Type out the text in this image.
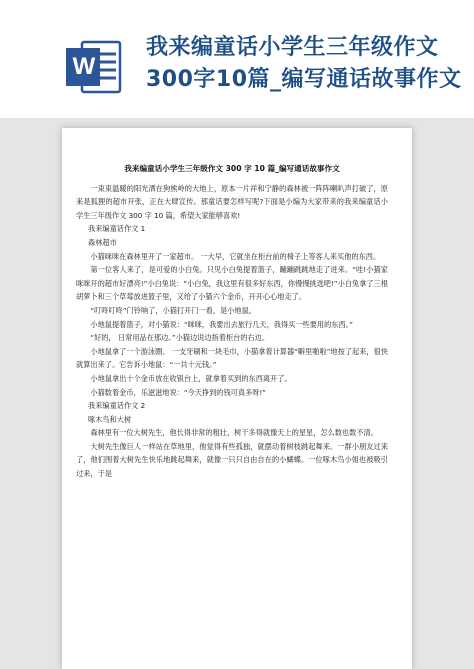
W
我来编童话小学生三年级作文
300字10篇_编写通话故事作文
我来编童话小学生三年级作文 300 字 10 篇_编写通话故事作文

一束束温暖的阳光洒在狗熊岭的大地上，原本一片祥和宁静的森林被一阵阵喇叭声打破了，原来是狐狸的超市开张，正在大肆宣传。那童话要怎样写呢?下面是小编为大家带来的我来编童话小学生三年级作文 300 字 10 篇，希望大家能够喜欢!

我来编童话作文 1

森林超市

小猫咪咪在森林里开了一家超市。 一大早，它就坐在柜台前的椅子上等客人来买他的东西。

第一位客人来了，是可爱的小白兔。只见小白兔提着篮子，蹦蹦跳跳地走了进来。“哇!小猫家咪咪开的超市好漂亮!”小白兔说：“小白兔，我这里有很多好东西，你慢慢挑选吧!”小白兔拿了三根胡萝卜和三个草莓放进篮子里，又给了小猫六个金币，开开心心地走了。

“叮咚叮咚”门铃响了，小猫打开门一看，是小地鼠。

小地鼠提着篮子，对小猫说：“咪咪，我要出去旅行几天，我得买一些要用的东西。”

“好的， 日常用品在那边。”小猫边说边指着柜台的右边。

小地鼠拿了一个游泳圈、 一支牙刷和一块毛巾，小猫拿着计算器“噼里啪啦”地按了起来，很快就算出来了。它告诉小地鼠：“一共十元钱。”

小地鼠拿出十个金币放在收银台上，就拿着买到的东西离开了。

小猫数着金币，乐滋滋地说：“今天挣到的钱可真多呀!”

我来编童话作文 2

啄木鸟和大树

森林里有一位大树先生，他长得非常的粗壮，树干多得就像天上的星星，怎么数也数不清。

大树先生像巨人一样站在草地里，他觉得有些孤独，就摆动着树枝跳起舞来。一群小朋友过来了，他们围着大树先生快乐地跳起舞来，就像一只只自由自在的小蝴蝶。一位啄木鸟小姐也被吸引过来，于是
